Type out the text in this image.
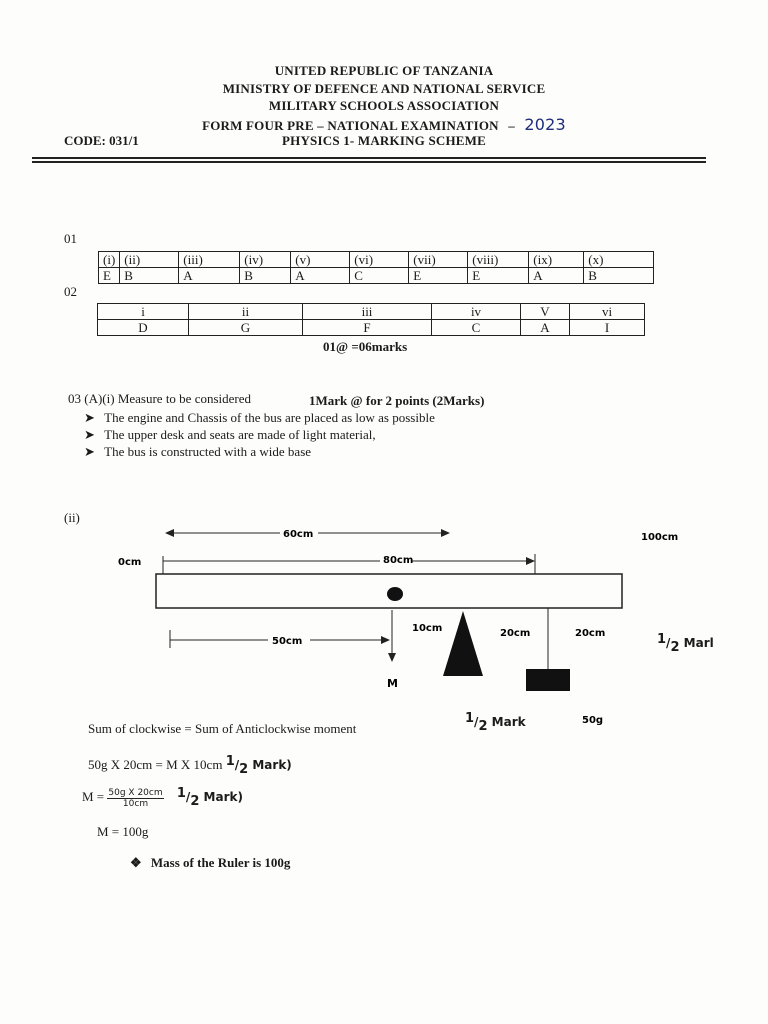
UNITED REPUBLIC OF TANZANIA
MINISTRY OF DEFENCE AND NATIONAL SERVICE
MILITARY SCHOOLS ASSOCIATION
FORM FOUR PRE – NATIONAL EXAMINATION – 2023
CODE: 031/1	PHYSICS 1- MARKING SCHEME
01
(i)	(ii)	(iii)	(iv)	(v)	(vi)	(vii)	(viii)	(ix)	(x)
E	B	A	B	A	C	E	E	A	B
02
i	ii	iii	iv	V	vi
D	G	F	C	A	I
01@ =06marks
03 (A)(i) Measure to be considered	1Mark @ for 2 points (2Marks)
➤ The engine and Chassis of the bus are placed as low as possible
➤ The upper desk and seats are made of light material,
➤ The bus is constructed with a wide base
(ii)
60cm
80cm
0cm
100cm
50cm
M
10cm	20cm	20cm
50g
$^1/_2$ Marl
Sum of clockwise = Sum of Anticlockwise moment
$^1/_2$ Mark
50g X 20cm = M X 10cm $^1/_2$ Mark)
$M = \frac{\text{50g X 20cm}}{10cm} ^1/_2$ Mark)
M = 100g
❖ Mass of the Ruler is 100g
